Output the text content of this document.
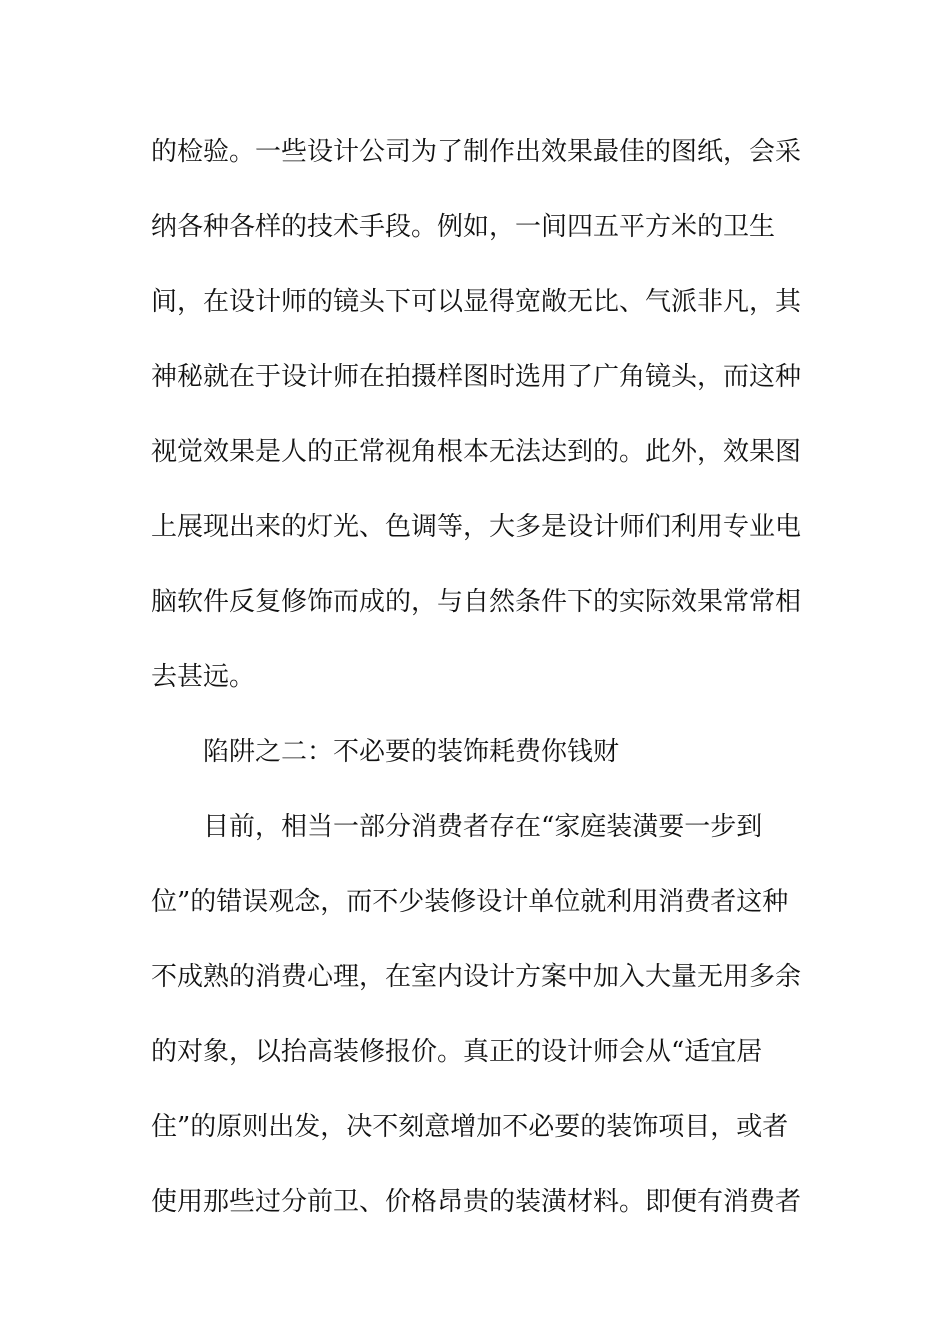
的检验。一些设计公司为了制作出效果最佳的图纸，会采

纳各种各样的技术手段。例如，一间四五平方米的卫生

间，在设计师的镜头下可以显得宽敞无比、气派非凡，其

神秘就在于设计师在拍摄样图时选用了广角镜头，而这种

视觉效果是人的正常视角根本无法达到的。此外，效果图

上展现出来的灯光、色调等，大多是设计师们利用专业电

脑软件反复修饰而成的，与自然条件下的实际效果常常相

去甚远。

陷阱之二：不必要的装饰耗费你钱财

目前，相当一部分消费者存在“家庭装潢要一步到

位”的错误观念，而不少装修设计单位就利用消费者这种

不成熟的消费心理，在室内设计方案中加入大量无用多余

的对象，以抬高装修报价。真正的设计师会从“适宜居

住”的原则出发，决不刻意增加不必要的装饰项目，或者

使用那些过分前卫、价格昂贵的装潢材料。即便有消费者
